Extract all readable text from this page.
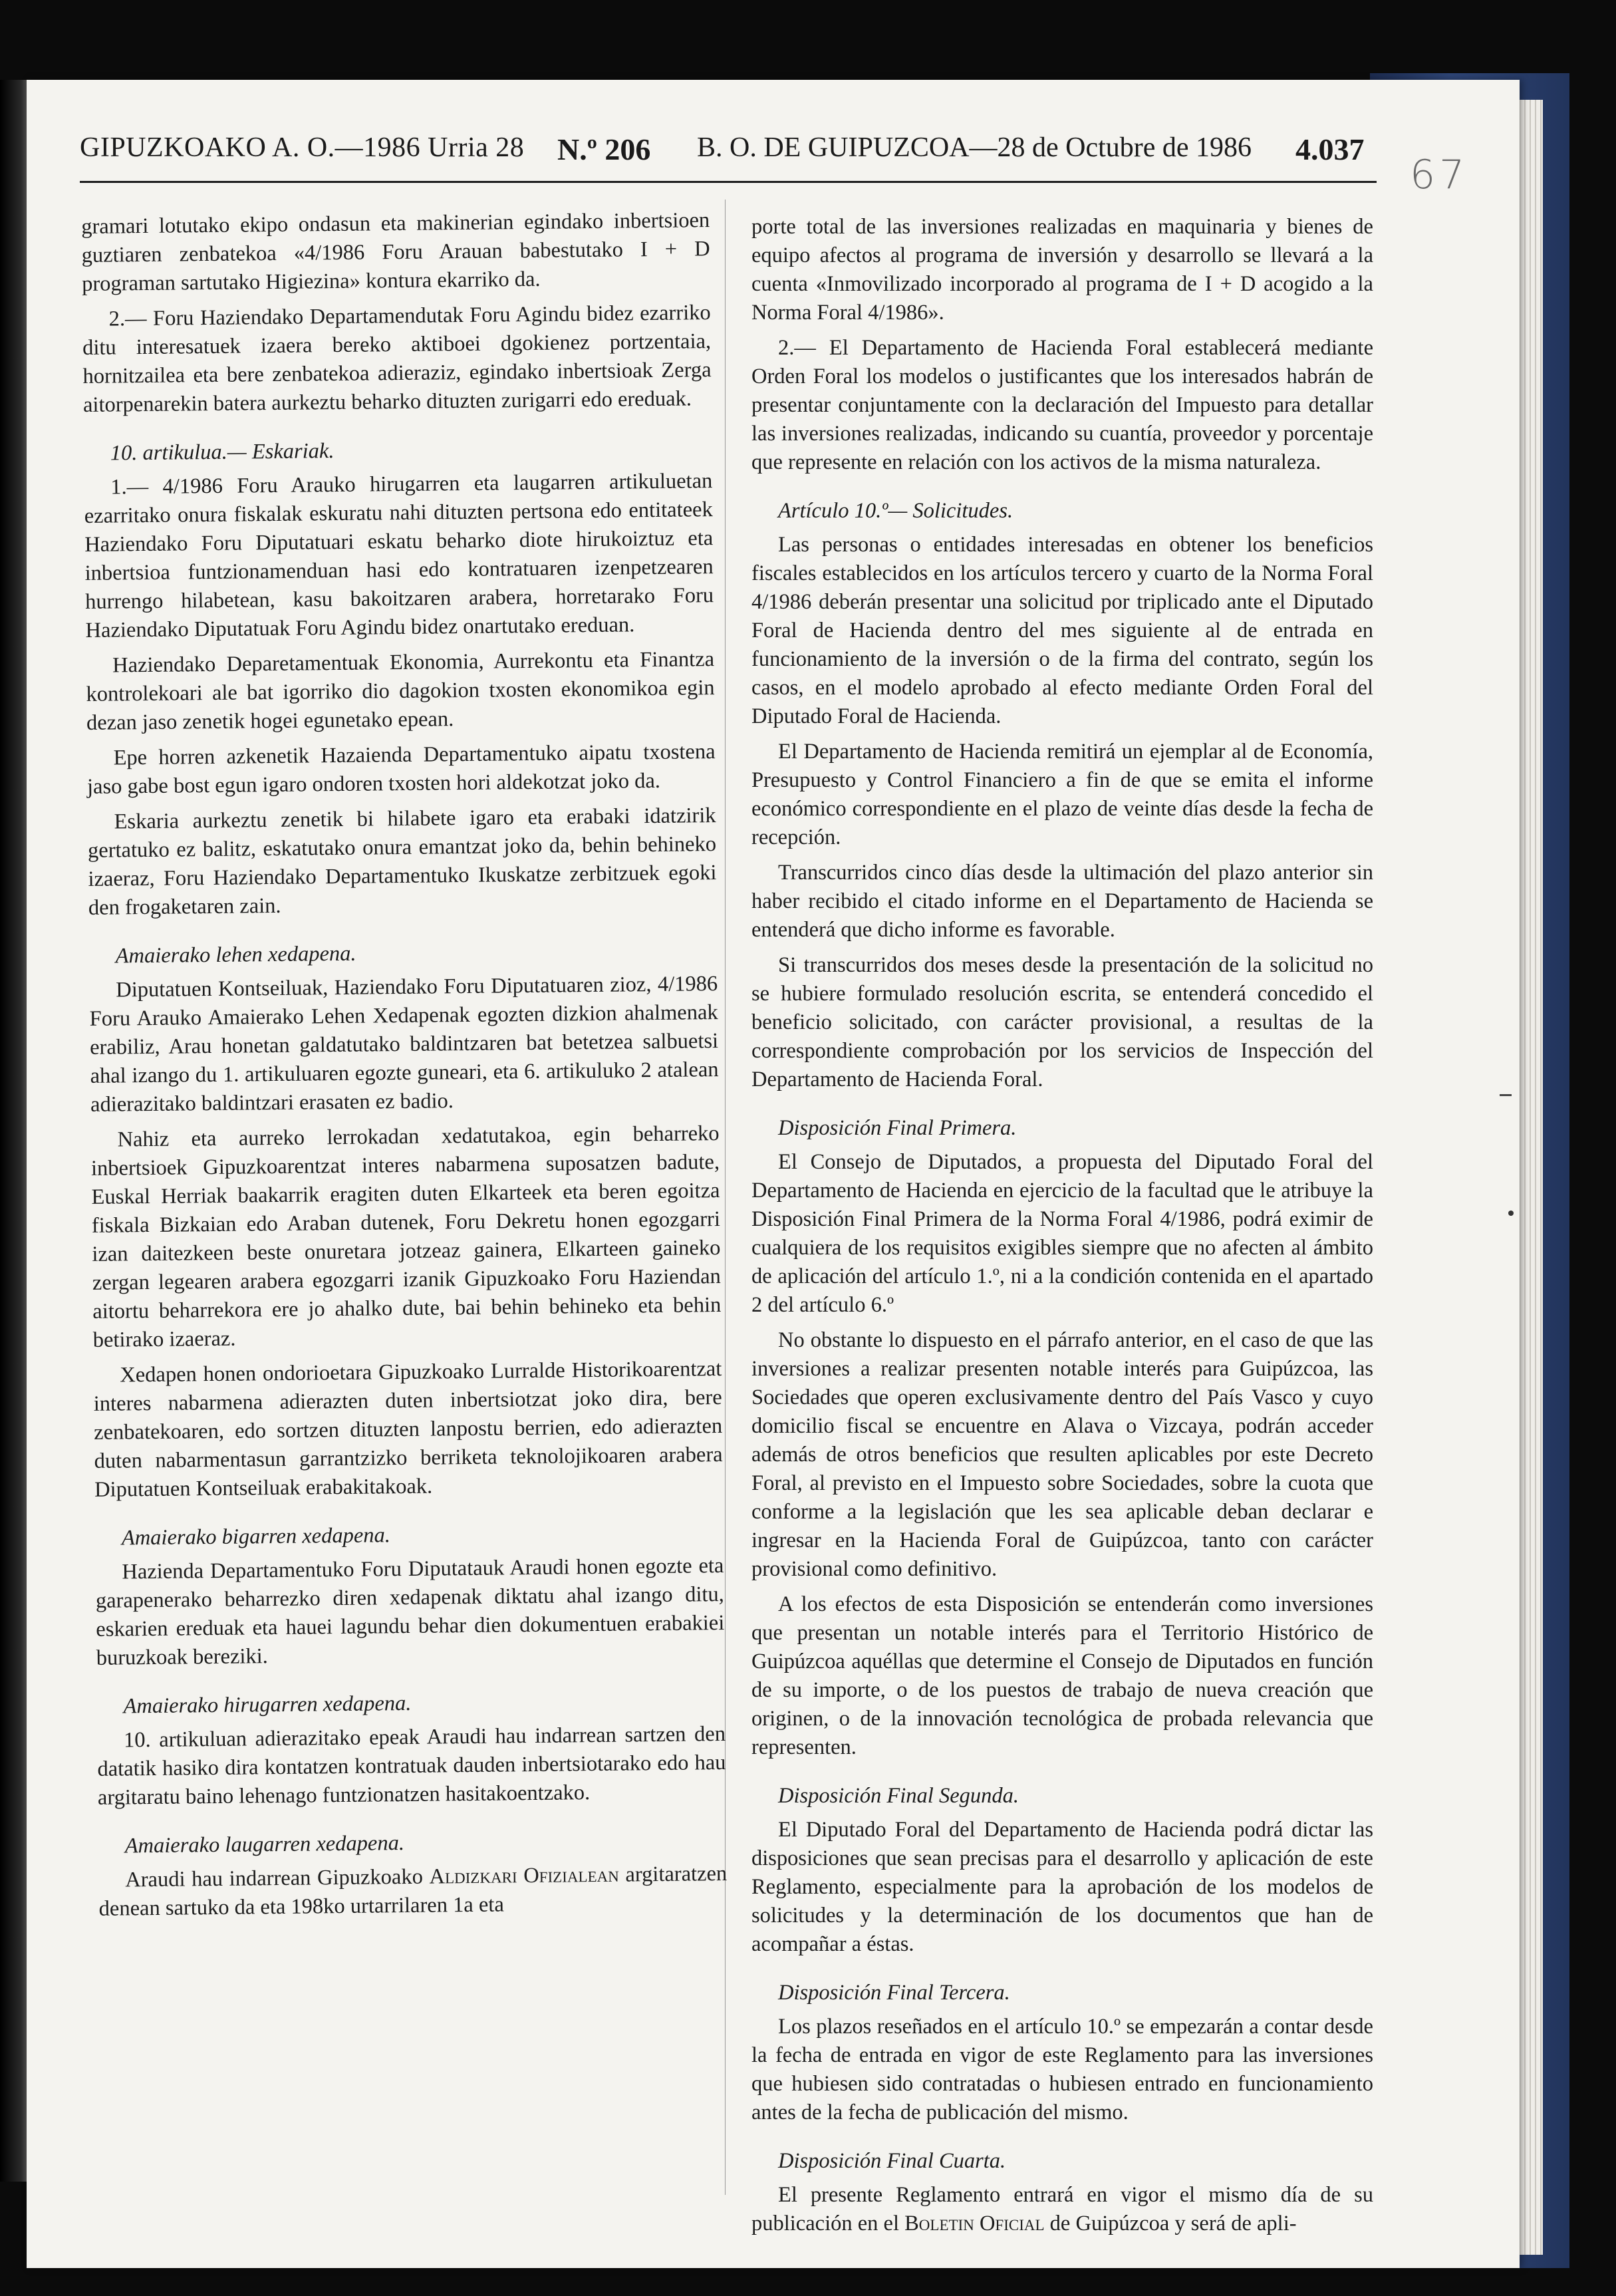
GIPUZKOAKO A. O.—1986 Urria 28 N.º 206 B. O. DE GUIPUZCOA—28 de Octubre de 1986 4.037
67

gramari lotutako ekipo ondasun eta makinerian egindako inbertsioen guztiaren zenbatekoa «4/1986 Foru Arauan babestutako I + D programan sartutako Higiezina» kontura ekarriko da.

2.— Foru Haziendako Departamendutak Foru Agindu bidez ezarriko ditu interesatuek izaera bereko aktiboei dgokienez portzentaia, hornitzailea eta bere zenbatekoa adieraziz, egindako inbertsioak Zerga aitorpenarekin batera aurkeztu beharko dituzten zurigarri edo ereduak.

10. artikulua.— Eskariak.

1.— 4/1986 Foru Arauko hirugarren eta laugarren artikuluetan ezarritako onura fiskalak eskuratu nahi dituzten pertsona edo entitateek Haziendako Foru Diputatuari eskatu beharko diote hirukoiztuz eta inbertsioa funtzionamenduan hasi edo kontratuaren izenpetzearen hurrengo hilabetean, kasu bakoitzaren arabera, horretarako Foru Haziendako Diputatuak Foru Agindu bidez onartutako ereduan.

Haziendako Deparetamentuak Ekonomia, Aurrekontu eta Finantza kontrolekoari ale bat igorriko dio dagokion txosten ekonomikoa egin dezan jaso zenetik hogei egunetako epean.

Epe horren azkenetik Hazaienda Departamentuko aipatu txostena jaso gabe bost egun igaro ondoren txosten hori aldekotzat joko da.

Eskaria aurkeztu zenetik bi hilabete igaro eta erabaki idatzirik gertatuko ez balitz, eskatutako onura emantzat joko da, behin behineko izaeraz, Foru Haziendako Departamentuko Ikuskatze zerbitzuek egoki den frogaketaren zain.

Amaierako lehen xedapena.

Diputatuen Kontseiluak, Haziendako Foru Diputatuaren zioz, 4/1986 Foru Arauko Amaierako Lehen Xedapenak egozten dizkion ahalmenak erabiliz, Arau honetan galdatutako baldintzaren bat betetzea salbuetsi ahal izango du 1. artikuluaren egozte guneari, eta 6. artikuluko 2 atalean adierazitako baldintzari erasaten ez badio.

Nahiz eta aurreko lerrokadan xedatutakoa, egin beharreko inbertsioek Gipuzkoarentzat interes nabarmena suposatzen badute, Euskal Herriak baakarrik eragiten duten Elkarteek eta beren egoitza fiskala Bizkaian edo Araban dutenek, Foru Dekretu honen egozgarri izan daitezkeen beste onuretara jotzeaz gainera, Elkarteen gaineko zergan legearen arabera egozgarri izanik Gipuzkoako Foru Haziendan aitortu beharrekora ere jo ahalko dute, bai behin behineko eta behin betirako izaeraz.

Xedapen honen ondorioetara Gipuzkoako Lurralde Historikoarentzat interes nabarmena adierazten duten inbertsiotzat joko dira, bere zenbatekoaren, edo sortzen dituzten lanpostu berrien, edo adierazten duten nabarmentasun garrantzizko berriketa teknolojikoaren arabera Diputatuen Kontseiluak erabakitakoak.

Amaierako bigarren xedapena.

Hazienda Departamentuko Foru Diputatauk Araudi honen egozte eta garapenerako beharrezko diren xedapenak diktatu ahal izango ditu, eskarien ereduak eta hauei lagundu behar dien dokumentuen erabakiei buruzkoak bereziki.

Amaierako hirugarren xedapena.

10. artikuluan adierazitako epeak Araudi hau indarrean sartzen den datatik hasiko dira kontatzen kontratuak dauden inbertsiotarako edo hau argitaratu baino lehenago funtzionatzen hasitakoentzako.

Amaierako laugarren xedapena.

Araudi hau indarrean Gipuzkoako Aldizkari Ofizialean argitaratzen denean sartuko da eta 198ko urtarrilaren 1a eta

porte total de las inversiones realizadas en maquinaria y bienes de equipo afectos al programa de inversión y desarrollo se llevará a la cuenta «Inmovilizado incorporado al programa de I + D acogido a la Norma Foral 4/1986».

2.— El Departamento de Hacienda Foral establecerá mediante Orden Foral los modelos o justificantes que los interesados habrán de presentar conjuntamente con la declaración del Impuesto para detallar las inversiones realizadas, indicando su cuantía, proveedor y porcentaje que represente en relación con los activos de la misma naturaleza.

Artículo 10.º— Solicitudes.

Las personas o entidades interesadas en obtener los beneficios fiscales establecidos en los artículos tercero y cuarto de la Norma Foral 4/1986 deberán presentar una solicitud por triplicado ante el Diputado Foral de Hacienda dentro del mes siguiente al de entrada en funcionamiento de la inversión o de la firma del contrato, según los casos, en el modelo aprobado al efecto mediante Orden Foral del Diputado Foral de Hacienda.

El Departamento de Hacienda remitirá un ejemplar al de Economía, Presupuesto y Control Financiero a fin de que se emita el informe económico correspondiente en el plazo de veinte días desde la fecha de recepción.

Transcurridos cinco días desde la ultimación del plazo anterior sin haber recibido el citado informe en el Departamento de Hacienda se entenderá que dicho informe es favorable.

Si transcurridos dos meses desde la presentación de la solicitud no se hubiere formulado resolución escrita, se entenderá concedido el beneficio solicitado, con carácter provisional, a resultas de la correspondiente comprobación por los servicios de Inspección del Departamento de Hacienda Foral.

Disposición Final Primera.

El Consejo de Diputados, a propuesta del Diputado Foral del Departamento de Hacienda en ejercicio de la facultad que le atribuye la Disposición Final Primera de la Norma Foral 4/1986, podrá eximir de cualquiera de los requisitos exigibles siempre que no afecten al ámbito de aplicación del artículo 1.º, ni a la condición contenida en el apartado 2 del artículo 6.º

No obstante lo dispuesto en el párrafo anterior, en el caso de que las inversiones a realizar presenten notable interés para Guipúzcoa, las Sociedades que operen exclusivamente dentro del País Vasco y cuyo domicilio fiscal se encuentre en Alava o Vizcaya, podrán acceder además de otros beneficios que resulten aplicables por este Decreto Foral, al previsto en el Impuesto sobre Sociedades, sobre la cuota que conforme a la legislación que les sea aplicable deban declarar e ingresar en la Hacienda Foral de Guipúzcoa, tanto con carácter provisional como definitivo.

A los efectos de esta Disposición se entenderán como inversiones que presentan un notable interés para el Territorio Histórico de Guipúzcoa aquéllas que determine el Consejo de Diputados en función de su importe, o de los puestos de trabajo de nueva creación que originen, o de la innovación tecnológica de probada relevancia que representen.

Disposición Final Segunda.

El Diputado Foral del Departamento de Hacienda podrá dictar las disposiciones que sean precisas para el desarrollo y aplicación de este Reglamento, especialmente para la aprobación de los modelos de solicitudes y la determinación de los documentos que han de acompañar a éstas.

Disposición Final Tercera.

Los plazos reseñados en el artículo 10.º se empezarán a contar desde la fecha de entrada en vigor de este Reglamento para las inversiones que hubiesen sido contratadas o hubiesen entrado en funcionamiento antes de la fecha de publicación del mismo.

Disposición Final Cuarta.

El presente Reglamento entrará en vigor el mismo día de su publicación en el Boletin Oficial de Guipúzcoa y será de apli-
